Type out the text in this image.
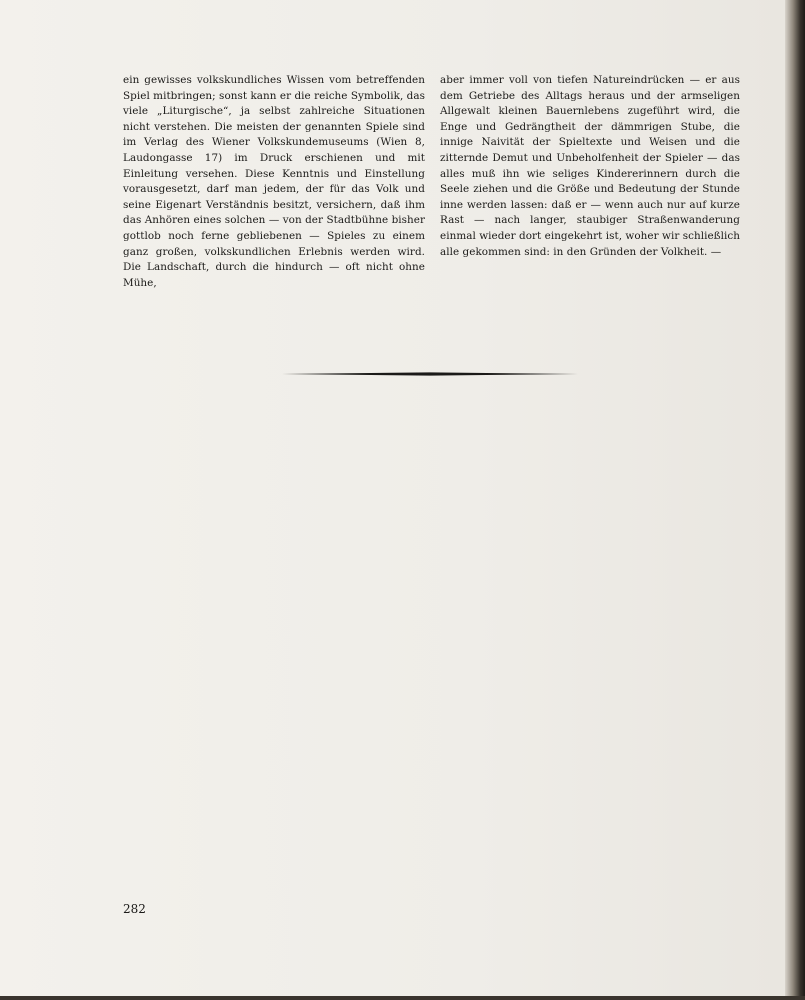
ein gewisses volkskundliches Wissen vom betreffenden Spiel mitbringen; sonst kann er die reiche Symbolik, das viele „Liturgische“, ja selbst zahlreiche Situationen nicht verstehen. Die meisten der genannten Spiele sind im Verlag des Wiener Volkskundemuseums (Wien 8, Laudongasse 17) im Druck erschienen und mit Einleitung versehen. Diese Kenntnis und Einstellung vorausgesetzt, darf man jedem, der für das Volk und seine Eigenart Verständnis besitzt, versichern, daß ihm das Anhören eines solchen — von der Stadtbühne bisher gottlob noch ferne gebliebenen — Spieles zu einem ganz großen, volkskundlichen Erlebnis werden wird. Die Landschaft, durch die hindurch — oft nicht ohne Mühe,
aber immer voll von tiefen Natureindrücken — er aus dem Getriebe des Alltags heraus und der armseligen Allgewalt kleinen Bauernlebens zugeführt wird, die Enge und Gedrängtheit der dämmrigen Stube, die innige Naivität der Spieltexte und Weisen und die zitternde Demut und Unbeholfenheit der Spieler — das alles muß ihn wie seliges Kindererinnern durch die Seele ziehen und die Größe und Bedeutung der Stunde inne werden lassen: daß er — wenn auch nur auf kurze Rast — nach langer, staubiger Straßenwanderung einmal wieder dort eingekehrt ist, woher wir schließlich alle gekommen sind: in den Gründen der Volkheit. —
282
